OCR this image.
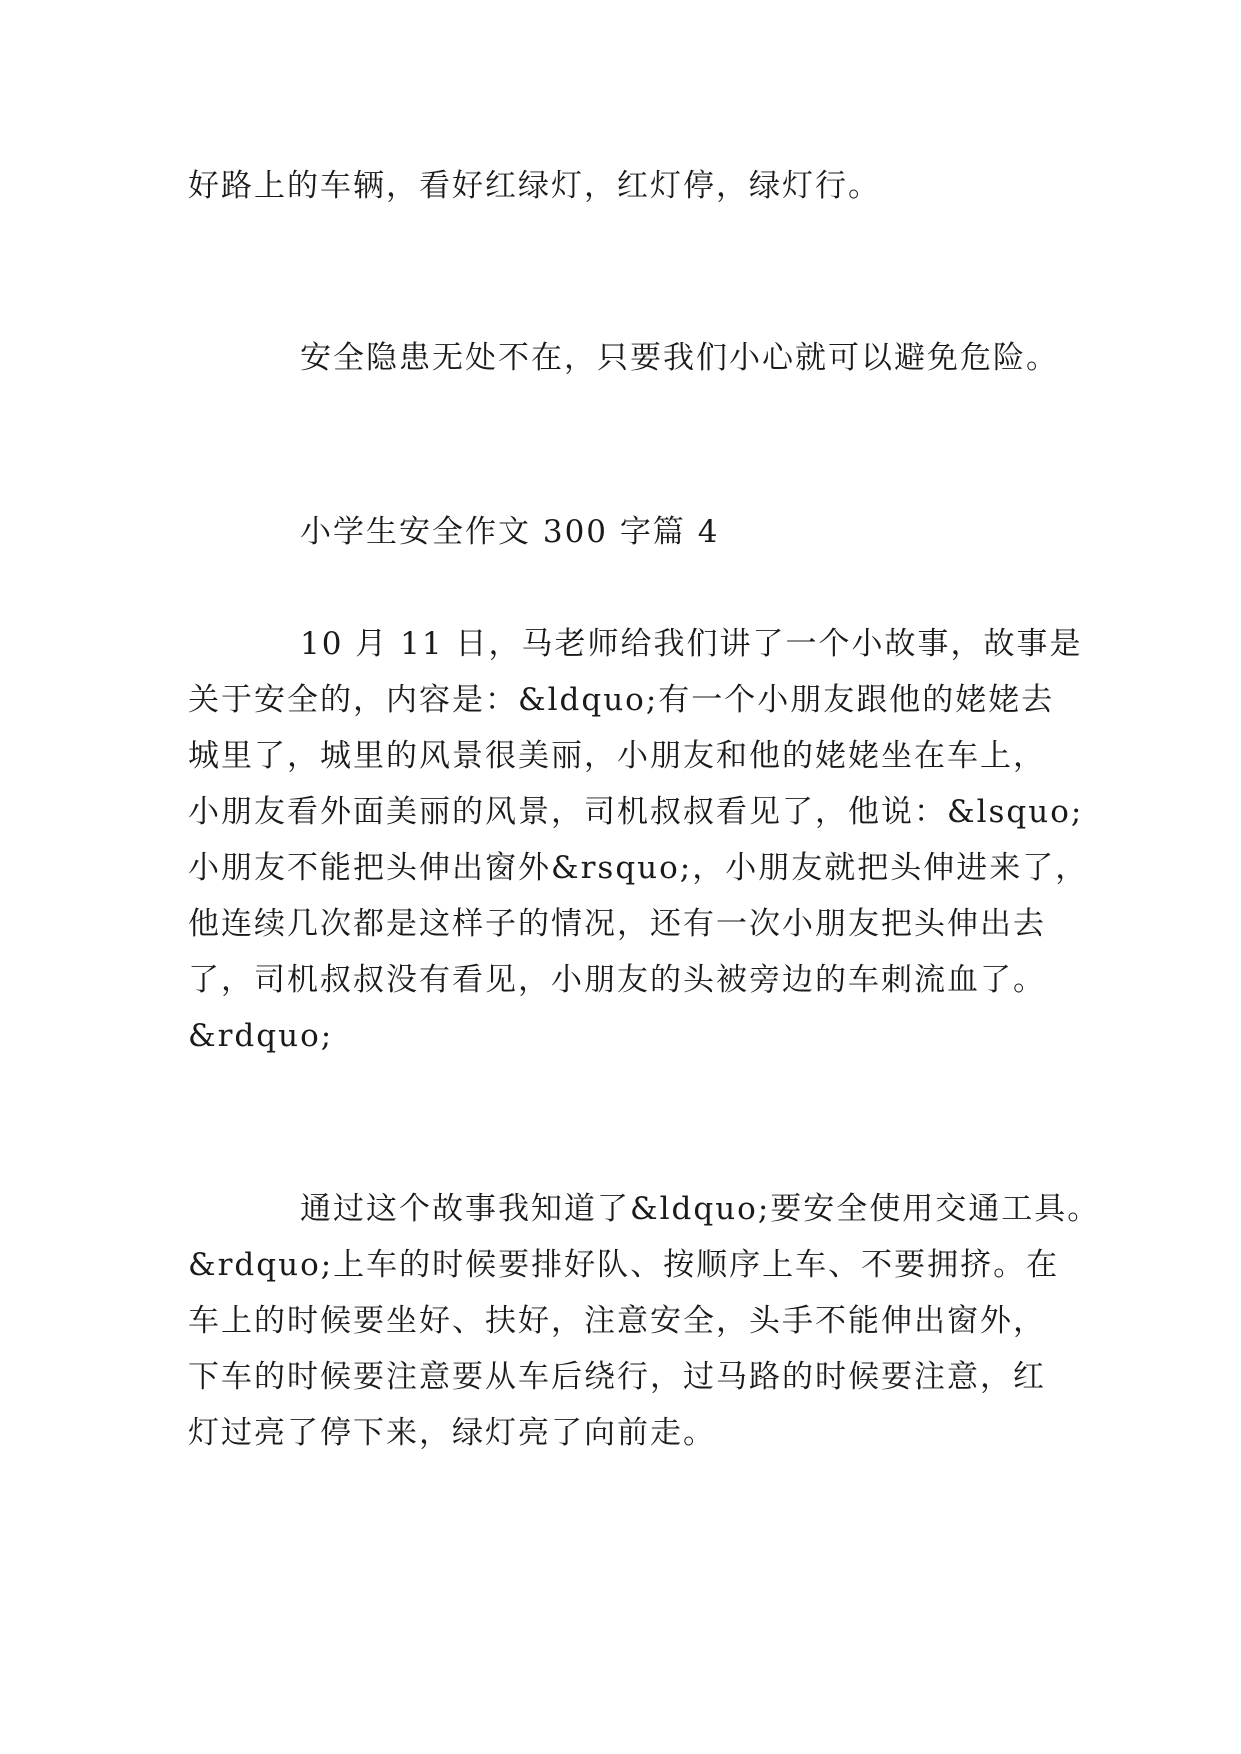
好路上的车辆，看好红绿灯，红灯停，绿灯行。

安全隐患无处不在，只要我们小心就可以避免危险。

小学生安全作文 300 字篇 4

10 月 11 日，马老师给我们讲了一个小故事，故事是

关于安全的，内容是：&ldquo;有一个小朋友跟他的姥姥去

城里了，城里的风景很美丽，小朋友和他的姥姥坐在车上，

小朋友看外面美丽的风景，司机叔叔看见了，他说：&lsquo;

小朋友不能把头伸出窗外&rsquo;，小朋友就把头伸进来了，

他连续几次都是这样子的情况，还有一次小朋友把头伸出去

了，司机叔叔没有看见，小朋友的头被旁边的车刺流血了。

&rdquo;

通过这个故事我知道了&ldquo;要安全使用交通工具。

&rdquo;上车的时候要排好队、按顺序上车、不要拥挤。在

车上的时候要坐好、扶好，注意安全，头手不能伸出窗外，

下车的时候要注意要从车后绕行，过马路的时候要注意，红

灯过亮了停下来，绿灯亮了向前走。
